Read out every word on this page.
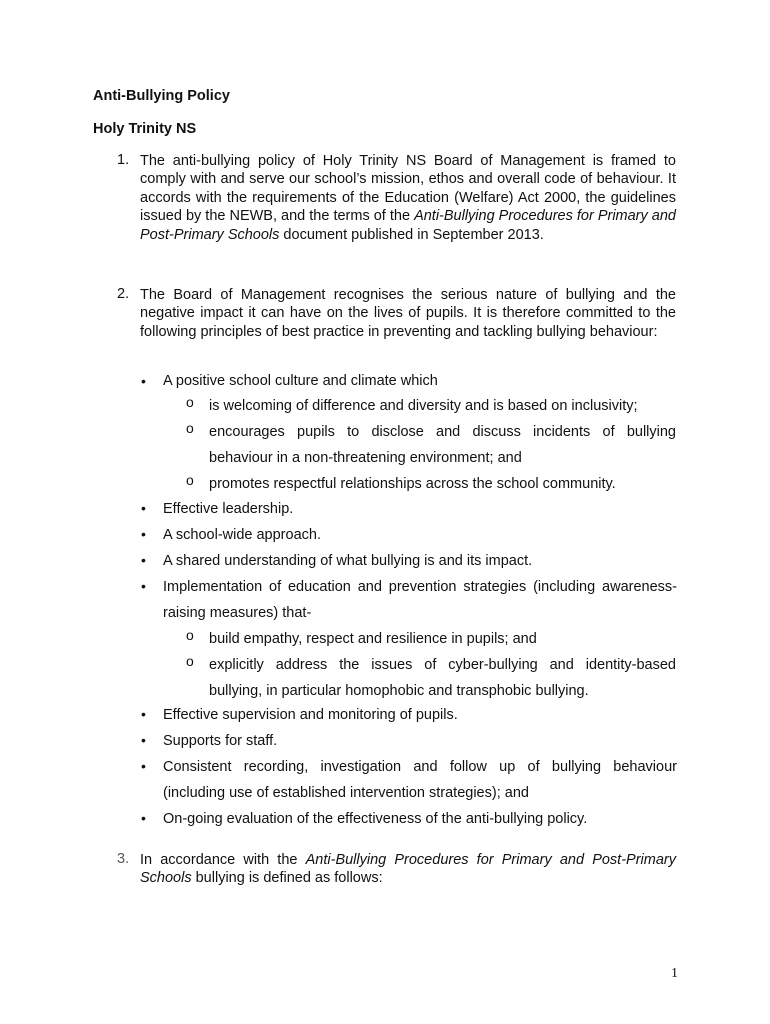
Anti-Bullying Policy
Holy Trinity NS
1. The anti-bullying policy of Holy Trinity NS Board of Management is framed to comply with and serve our school’s mission, ethos and overall code of behaviour. It accords with the requirements of the Education (Welfare) Act 2000, the guidelines issued by the NEWB, and the terms of the Anti-Bullying Procedures for Primary and Post-Primary Schools document published in September 2013.

2. The Board of Management recognises the serious nature of bullying and the negative impact it can have on the lives of pupils. It is therefore committed to the following principles of best practice in preventing and tackling bullying behaviour:

• A positive school culture and climate which

o is welcoming of difference and diversity and is based on inclusivity;

o encourages pupils to disclose and discuss incidents of bullying behaviour in a non-threatening environment; and

o promotes respectful relationships across the school community.

• Effective leadership.

• A school-wide approach.

• A shared understanding of what bullying is and its impact.

• Implementation of education and prevention strategies (including awareness-raising measures) that-

o build empathy, respect and resilience in pupils; and

o explicitly address the issues of cyber-bullying and identity-based bullying, in particular homophobic and transphobic bullying.

• Effective supervision and monitoring of pupils.

• Supports for staff.

• Consistent recording, investigation and follow up of bullying behaviour (including use of established intervention strategies); and

• On-going evaluation of the effectiveness of the anti-bullying policy.

3. In accordance with the Anti-Bullying Procedures for Primary and Post-Primary Schools bullying is defined as follows:

1
